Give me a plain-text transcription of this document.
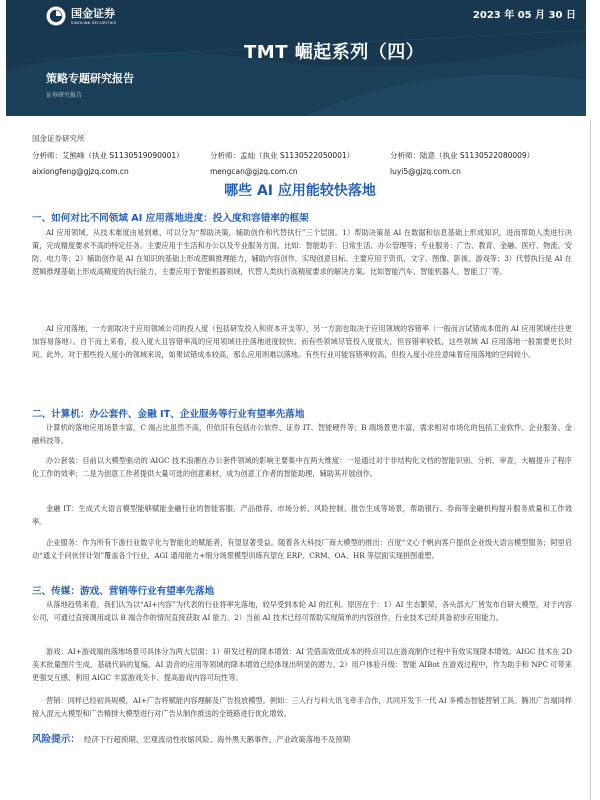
国金证券
SINOLINK SECURITIES
2023 年 05 月 30 日
TMT 崛起系列（四）
策略专题研究报告
证券研究报告
国金证券研究所
分析师：艾熊峰（执业 S1130519090001）
aixiongfeng@gjzq.com.cn
分析师：孟灿（执业 S1130522050001）
mengcan@gjzq.com.cn
分析师：陆意（执业 S1130522080009）
luyi5@gjzq.com.cn
哪些 AI 应用能较快落地
一、如何对比不同领域 AI 应用落地进度：投入度和容错率的框架
AI 应用领域，从技术难度由易到难，可以分为“帮助决策，辅助创作和代替执行”三个层面。1）帮助决策是 AI 在数据和信息基础上形成知识，进而帮助人类进行决策，完成精度要求不高的特定任务。主要应用于生活和办公以及专业服务方面。比如：智能助手：日常生活、办公管理等；专业服务：广告、教育、金融、医疗、物流、安防、电力等；2）辅助创作是 AI 在知识的基础上形成逻辑推理能力，辅助内容创作，实现创意目标。主要应用于资讯、文字、图像、影视、游戏等；3）代替执行是 AI 在逻辑推理基础上形成高精度的执行能力，主要应用于智能机器领域，代替人类执行高精度要求的解决方案。比如智能汽车、智能机器人、智能工厂等。
AI 应用落地，一方面取决于应用领域公司的投入度（包括研发投入和资本开支等），另一方面也取决于应用领域的容错率（一般而言试错成本低的 AI 应用领域往往更加容易落地）。自下而上来看，投入度大且容错率高的应用领域往往落地进度较快。而有些领域尽管投入度很大，但容错率较低，这些领域 AI 应用落地一般需要更长时间。此外，对于那些投入度小的领域来说，如果试错成本较高，那么应用则难以落地。有些行业可能容错率较高，但投入度小往往意味着应用落地的空间较小。
二、计算机：办公套件、金融 IT、企业服务等行业有望率先落地
计算机的落地应用场景丰富，C 端占比虽然不高，但依旧有包括办公软件、证券 IT、智能硬件等；B 端场景更丰富，需求相对市场化的包括工业软件、企业服务、金融科技等。
办公套装：目前以大模型驱动的 AIGC 技术浪潮在办公套件领域的影响主要集中在两大维度：一是通过对于非结构化文档的智能识别、分析、审查，大幅提升了程序化工作的效率；二是为创意工作者提供大量可选的创意素材，成为创意工作者的智能助理，辅助其开展创作。
金融 IT：生成式大语言模型能够赋能金融行业的智能客服、产品推荐、市场分析、风险控制、报告生成等场景，帮助银行、券商等金融机构提升服务质量和工作效率。
企业服务：作为所有下游行业数字化与智能化的赋能者，有望显著受益。随着各大科技厂商大模型的推出：百度“文心千帆向客户提供企业级大语言模型服务；阿里启动“通义千问伙伴计划”覆盖各个行业，AGI 通用能力+细分场景模型训练有望在 ERP、CRM、OA、HR 等层面实现拼图重塑。
三、传媒：游戏、营销等行业有望率先落地
从落地趋势来看，我们认为以“AI+内容”为代表的行业将率先落地，较早受到本轮 AI 的红利。原因在于：1）AI 生态繁荣，各头部大厂皆发布自研大模型，对于内容公司，可通过直接调用或以 B 端合作的情况直接获取 AI 能力。2）当前 AI 技术已经可帮助实现简单的内容创作，行业技术已经具备初步应用能力。
游戏：AI+游戏端的落地场景可具体分为两大层面：1）研发过程的降本增效：AI 凭借高效低成本的特点可以在游戏制作过程中有效实现降本增效。AIGC 技术在 2D 美术批量图片生成、基础代码的复编、AI 语音的应用等领域的降本增效已经体现出明显的潜力。2）用户体验升级：智能 AIBot 在游戏过程中，作为助手和 NPC 可带来更强交互感，利用 AIGC 丰富游戏关卡、提高游戏内容可玩性等。
营销：同样已经初具规模，AI+广告将赋能内容理解及广告投放模型。例如：三人行与科大讯飞牵手合作，共同开发下一代 AI 多模态智能营销工具。腾讯广告端同样接入混元大模型和广告精排大模型进行对广告从制作推送的全链路进行优化增效。
风险提示： 经济下行超预期、宏观流动性收缩风险、海外黑天鹅事件、产业政策落地不及预期
